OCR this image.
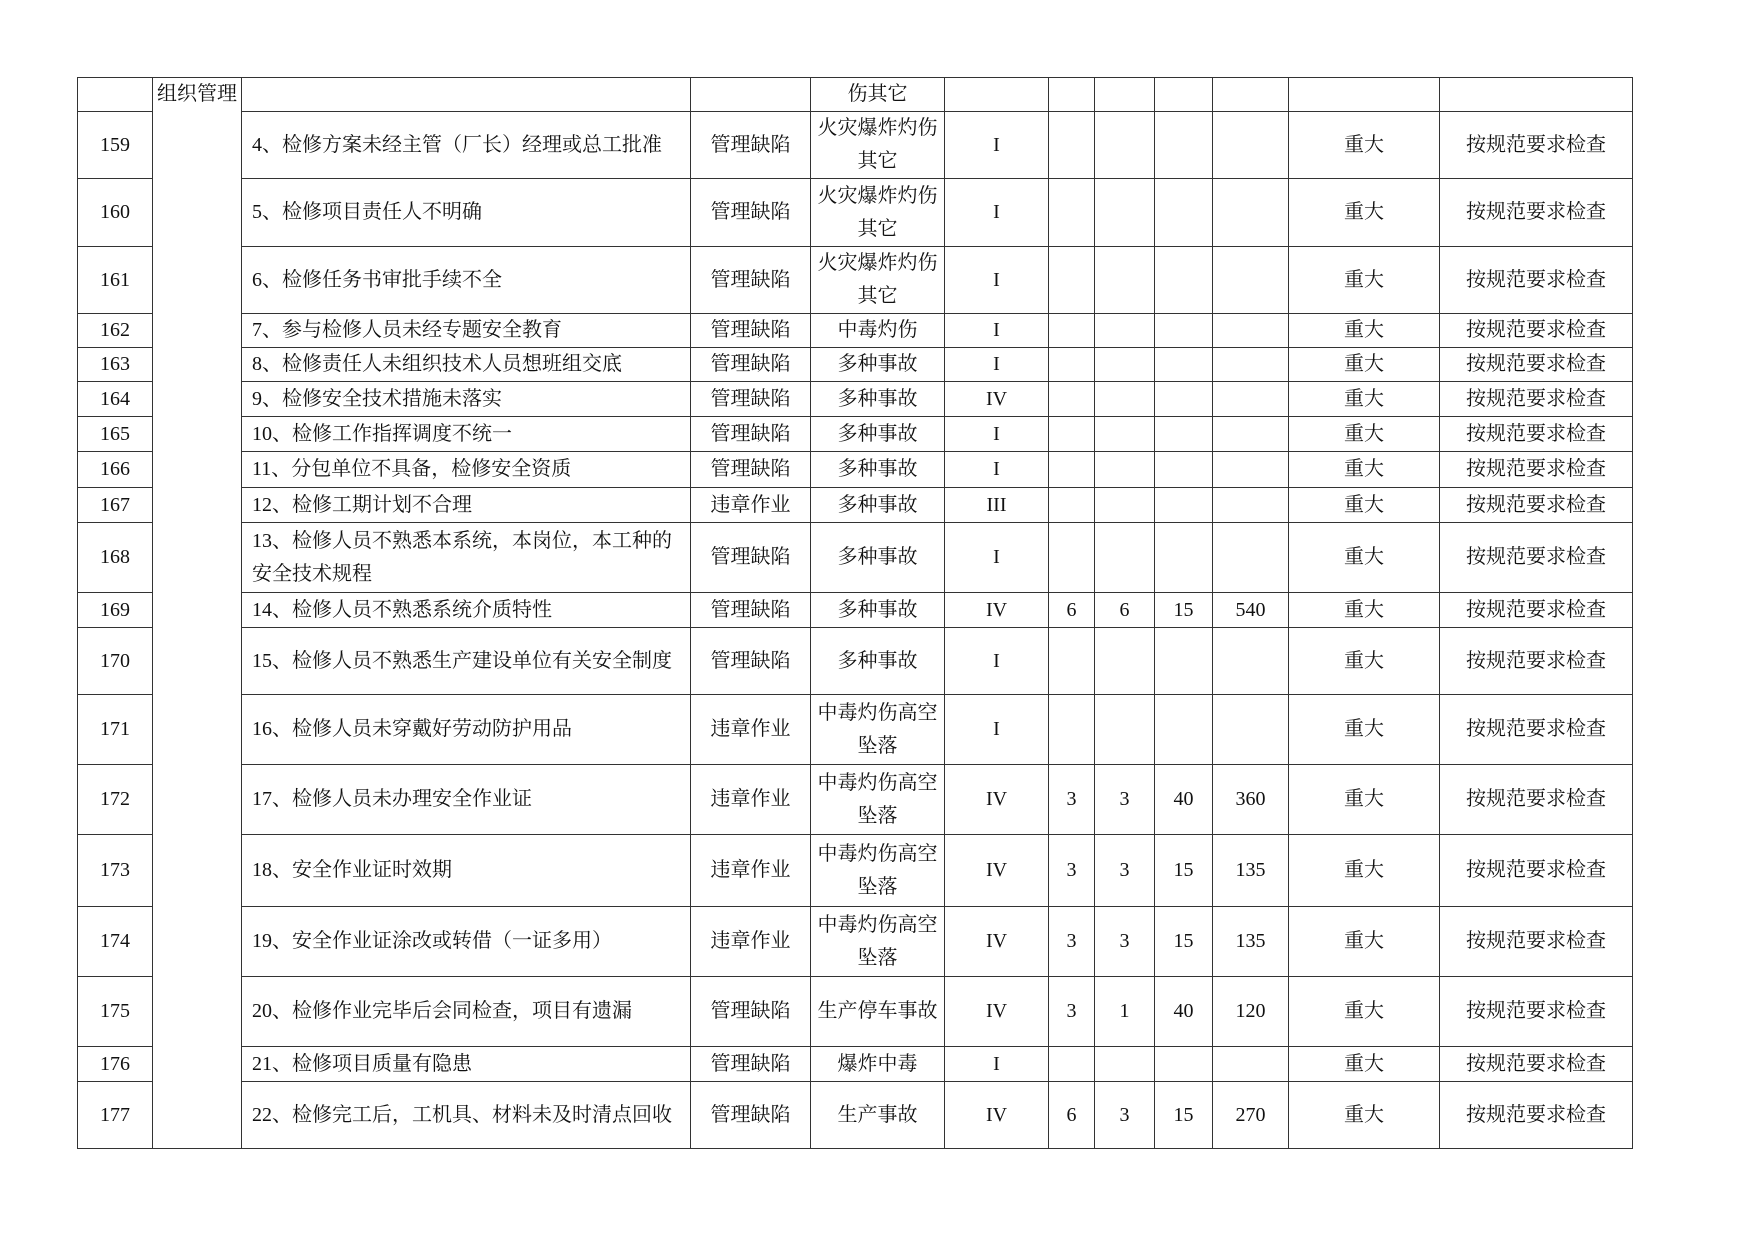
	组织管理			伤其它							
159		4、检修方案未经主管（厂长）经理或总工批准	管理缺陷	火灾爆炸灼伤其它	I					重大	按规范要求检查
160		5、检修项目责任人不明确	管理缺陷	火灾爆炸灼伤其它	I					重大	按规范要求检查
161		6、检修任务书审批手续不全	管理缺陷	火灾爆炸灼伤其它	I					重大	按规范要求检查
162		7、参与检修人员未经专题安全教育	管理缺陷	中毒灼伤	I					重大	按规范要求检查
163		8、检修责任人未组织技术人员想班组交底	管理缺陷	多种事故	I					重大	按规范要求检查
164		9、检修安全技术措施未落实	管理缺陷	多种事故	IV					重大	按规范要求检查
165		10、检修工作指挥调度不统一	管理缺陷	多种事故	I					重大	按规范要求检查
166		11、分包单位不具备，检修安全资质	管理缺陷	多种事故	I					重大	按规范要求检查
167		12、检修工期计划不合理	违章作业	多种事故	III					重大	按规范要求检查
168		13、检修人员不熟悉本系统，本岗位，本工种的安全技术规程	管理缺陷	多种事故	I					重大	按规范要求检查
169		14、检修人员不熟悉系统介质特性	管理缺陷	多种事故	IV	6	6	15	540	重大	按规范要求检查
170		15、检修人员不熟悉生产建设单位有关安全制度	管理缺陷	多种事故	I					重大	按规范要求检查
171		16、检修人员未穿戴好劳动防护用品	违章作业	中毒灼伤高空坠落	I					重大	按规范要求检查
172		17、检修人员未办理安全作业证	违章作业	中毒灼伤高空坠落	IV	3	3	40	360	重大	按规范要求检查
173		18、安全作业证时效期	违章作业	中毒灼伤高空坠落	IV	3	3	15	135	重大	按规范要求检查
174		19、安全作业证涂改或转借（一证多用）	违章作业	中毒灼伤高空坠落	IV	3	3	15	135	重大	按规范要求检查
175		20、检修作业完毕后会同检查，项目有遗漏	管理缺陷	生产停车事故	IV	3	1	40	120	重大	按规范要求检查
176		21、检修项目质量有隐患	管理缺陷	爆炸中毒	I					重大	按规范要求检查
177		22、检修完工后，工机具、材料未及时清点回收	管理缺陷	生产事故	IV	6	3	15	270	重大	按规范要求检查
